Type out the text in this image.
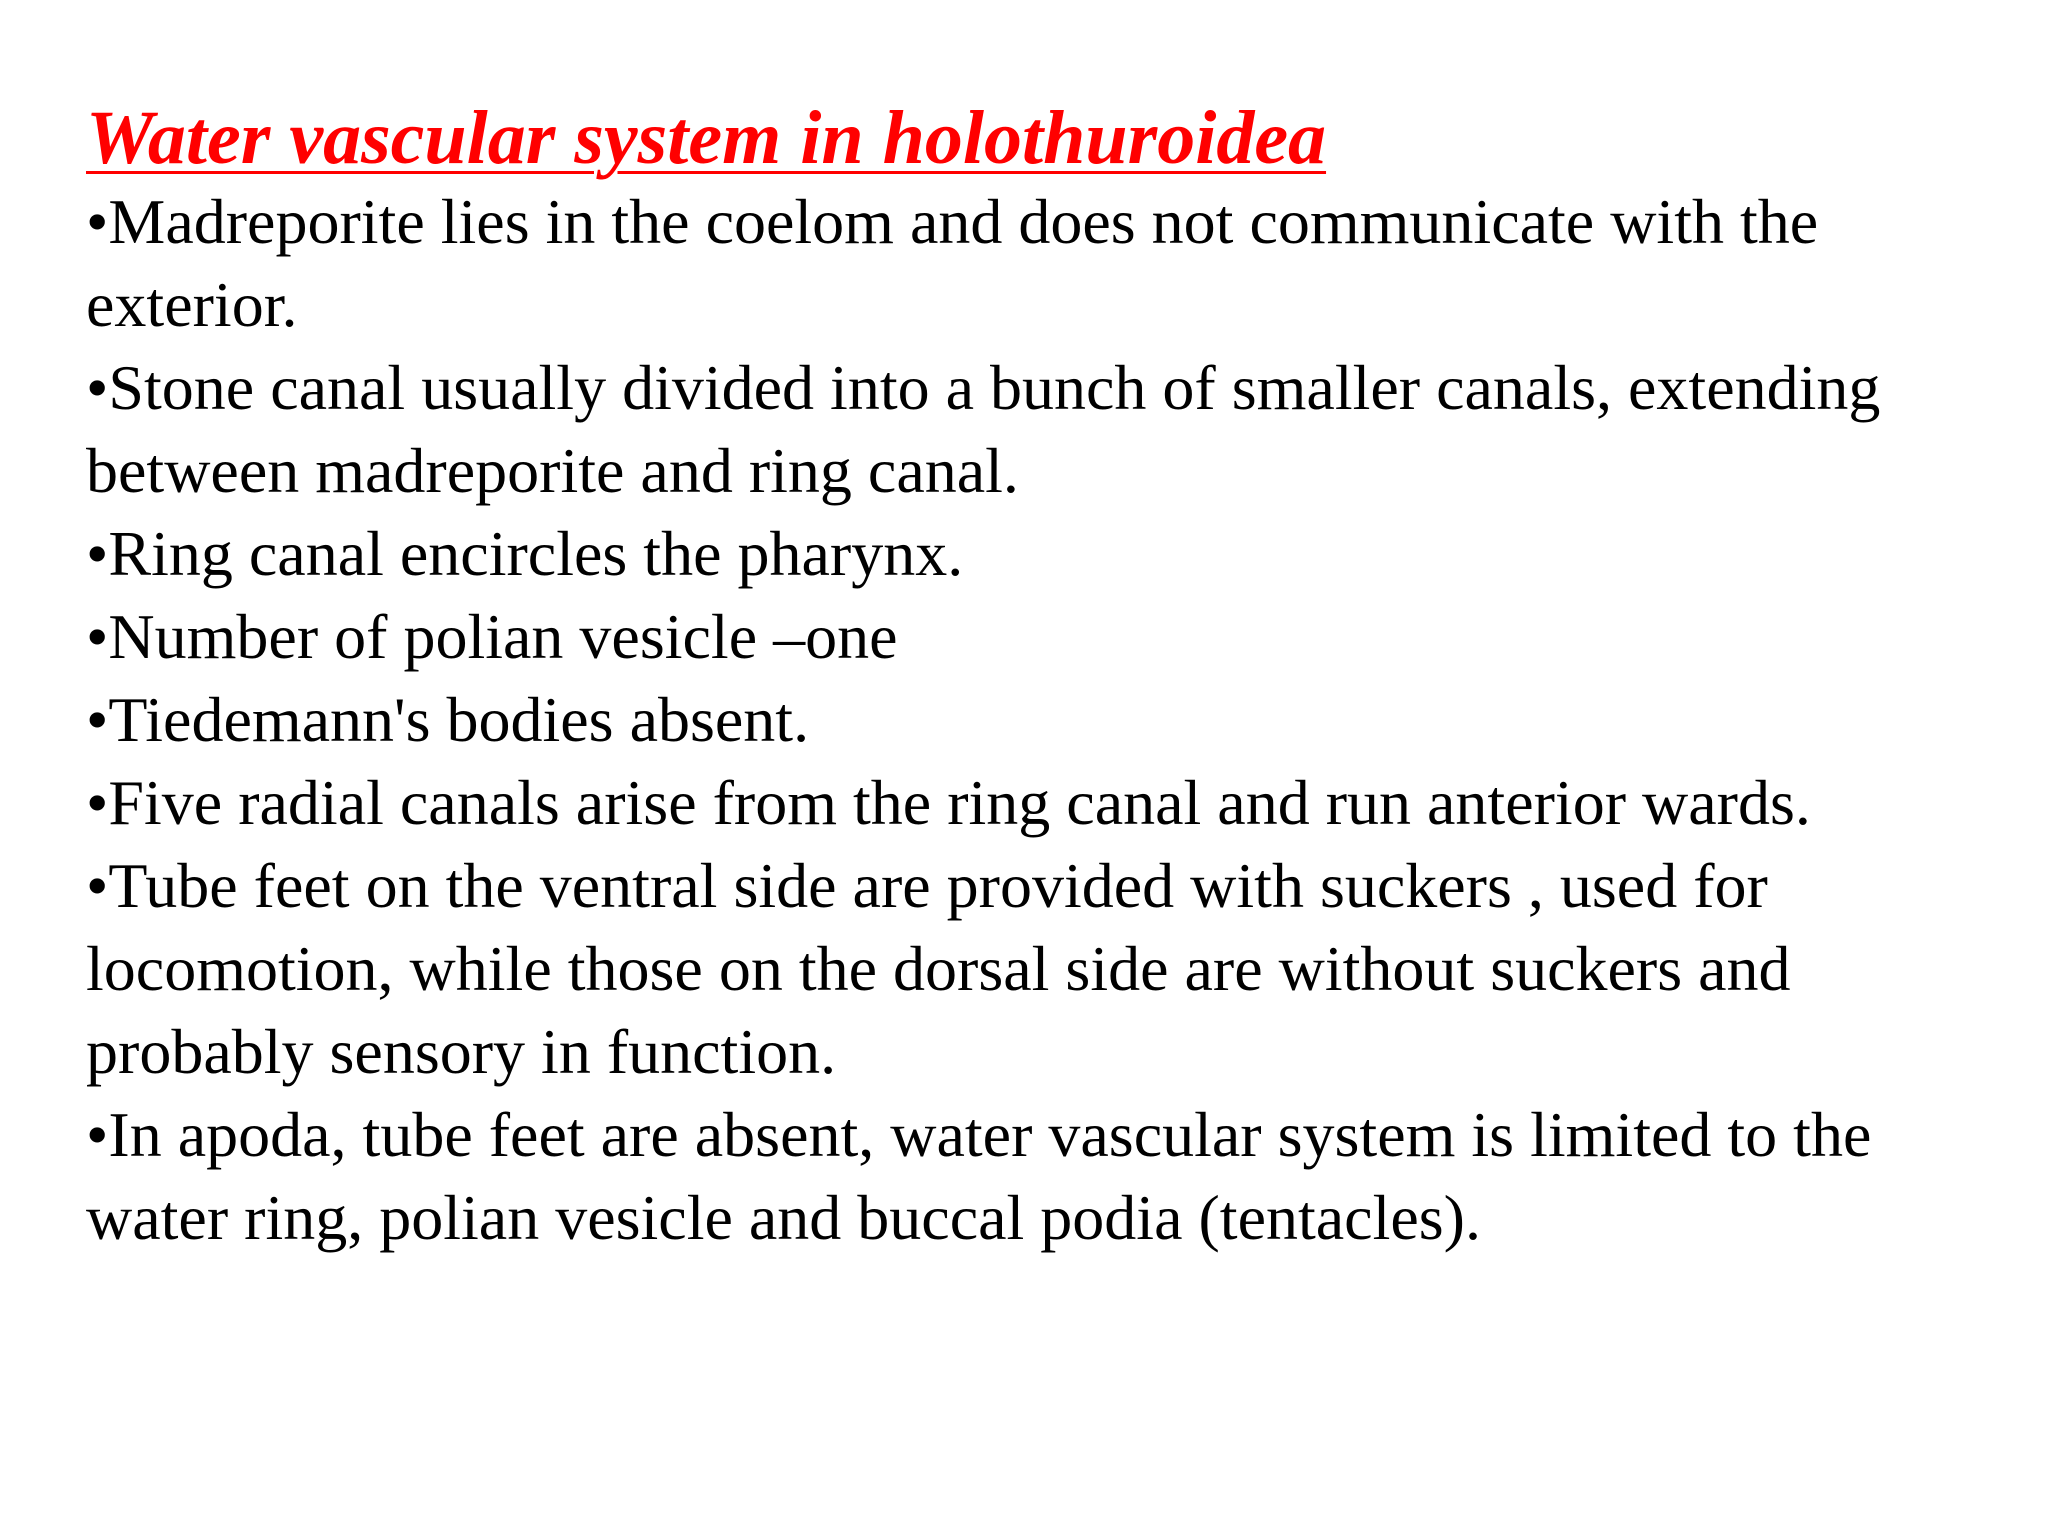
Water vascular system in holothuroidea
•Madreporite lies in the coelom and does not communicate with the exterior.
•Stone canal usually divided into a bunch of smaller canals, extending between madreporite and ring canal.
•Ring canal encircles the pharynx.
•Number of polian vesicle –one
•Tiedemann's bodies absent.
•Five radial canals arise from the ring canal and run anterior wards.
•Tube feet on the ventral side are provided with suckers , used for locomotion, while those on the dorsal side are without suckers and probably sensory in function.
•In apoda, tube feet are absent, water vascular system is limited to the water ring, polian vesicle and buccal podia (tentacles).
